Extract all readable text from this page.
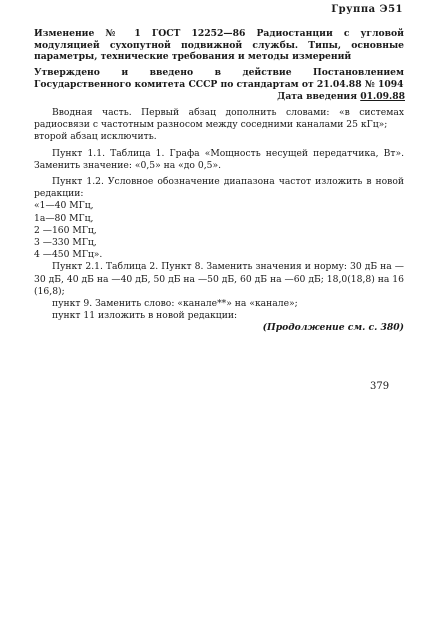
Группа Э51
Изменение № 1 ГОСТ 12252—86 Радиостанции с угловой модуляцией сухопутной подвижной службы. Типы, основные параметры, технические требования и методы измерений
Утверждено и введено в действие Постановлением Государственного комитета СССР по стандартам от 21.04.88 № 1094
Дата введения 01.09.88

Вводная часть. Первый абзац дополнить словами: «в системах радиосвязи с частотным разносом между соседними каналами 25 кГц»;

второй абзац исключить.

Пункт 1.1. Таблица 1. Графа «Мощность несущей передатчика, Вт». Заменить значение: «0,5» на «до 0,5».

Пункт 1.2. Условное обозначение диапазона частот изложить в новой редакции:

«1—40 МГц,

1а—80 МГц,

2 —160 МГц,

3 —330 МГц,

4 —450 МГц».

Пункт 2.1. Таблица 2. Пункт 8. Заменить значения и норму: 30 дБ на —30 дБ, 40 дБ на —40 дБ, 50 дБ на —50 дБ, 60 дБ на —60 дБ; 18,0(18,8) на 16 (16,8);

пункт 9. Заменить слово: «канале**» на «канале»;

пункт 11 изложить в новой редакции:

(Продолжение см. с. 380)

379
